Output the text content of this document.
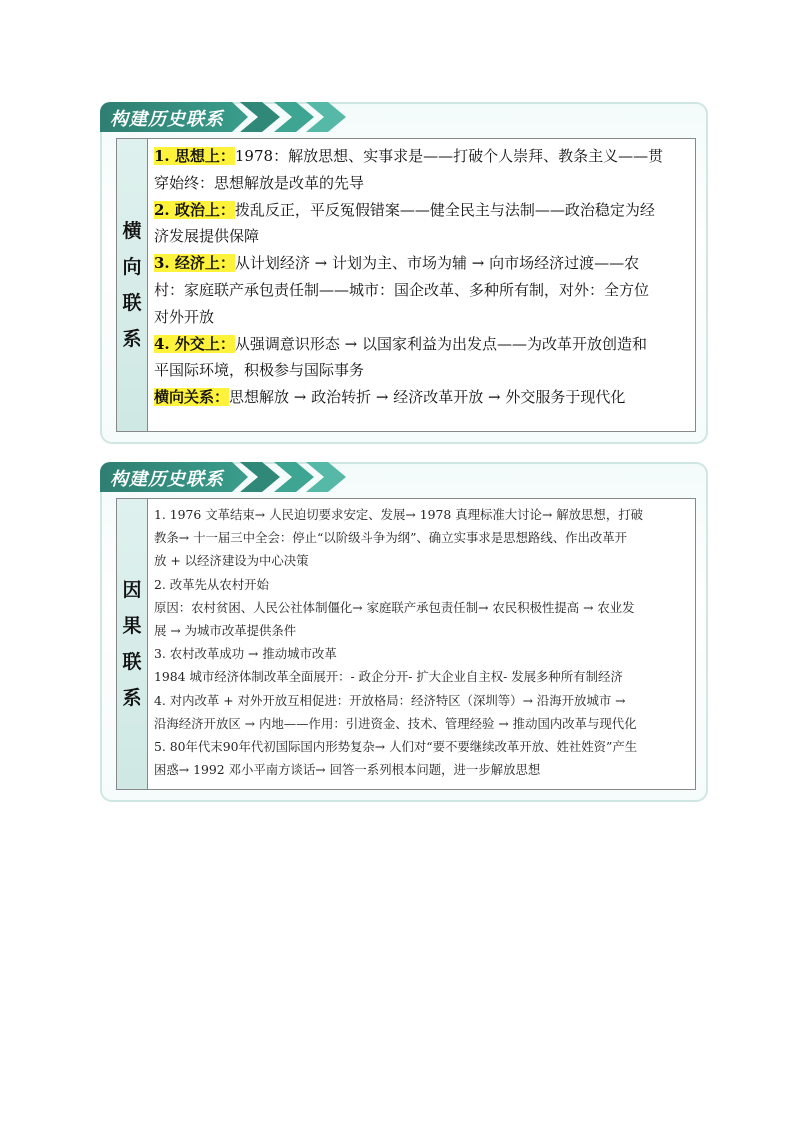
构建历史联系
横
向
联
系

1. 思想上：1978：解放思想、实事求是——打破个人崇拜、教条主义——贯

穿始终：思想解放是改革的先导

2. 政治上：拨乱反正，平反冤假错案——健全民主与法制——政治稳定为经

济发展提供保障

3. 经济上：从计划经济 → 计划为主、市场为辅 → 向市场经济过渡——农

村：家庭联产承包责任制——城市：国企改革、多种所有制，对外：全方位

对外开放

4. 外交上：从强调意识形态 → 以国家利益为出发点——为改革开放创造和

平国际环境，积极参与国际事务

横向关系：思想解放 → 政治转折 → 经济改革开放 → 外交服务于现代化

构建历史联系
因
果
联
系

1. 1976 文革结束→ 人民迫切要求安定、发展→ 1978 真理标准大讨论→ 解放思想，打破

教条→ 十一届三中全会：停止“以阶级斗争为纲”、确立实事求是思想路线、作出改革开

放 + 以经济建设为中心决策

2. 改革先从农村开始

原因：农村贫困、人民公社体制僵化→ 家庭联产承包责任制→ 农民积极性提高 → 农业发

展 → 为城市改革提供条件

3. 农村改革成功 → 推动城市改革

1984 城市经济体制改革全面展开：- 政企分开- 扩大企业自主权- 发展多种所有制经济

4. 对内改革 + 对外开放互相促进：开放格局：经济特区（深圳等）→ 沿海开放城市 →

沿海经济开放区 → 内地——作用：引进资金、技术、管理经验 → 推动国内改革与现代化

5. 80年代末90年代初国际国内形势复杂→ 人们对“要不要继续改革开放、姓社姓资”产生

困惑→ 1992 邓小平南方谈话→ 回答一系列根本问题，进一步解放思想
